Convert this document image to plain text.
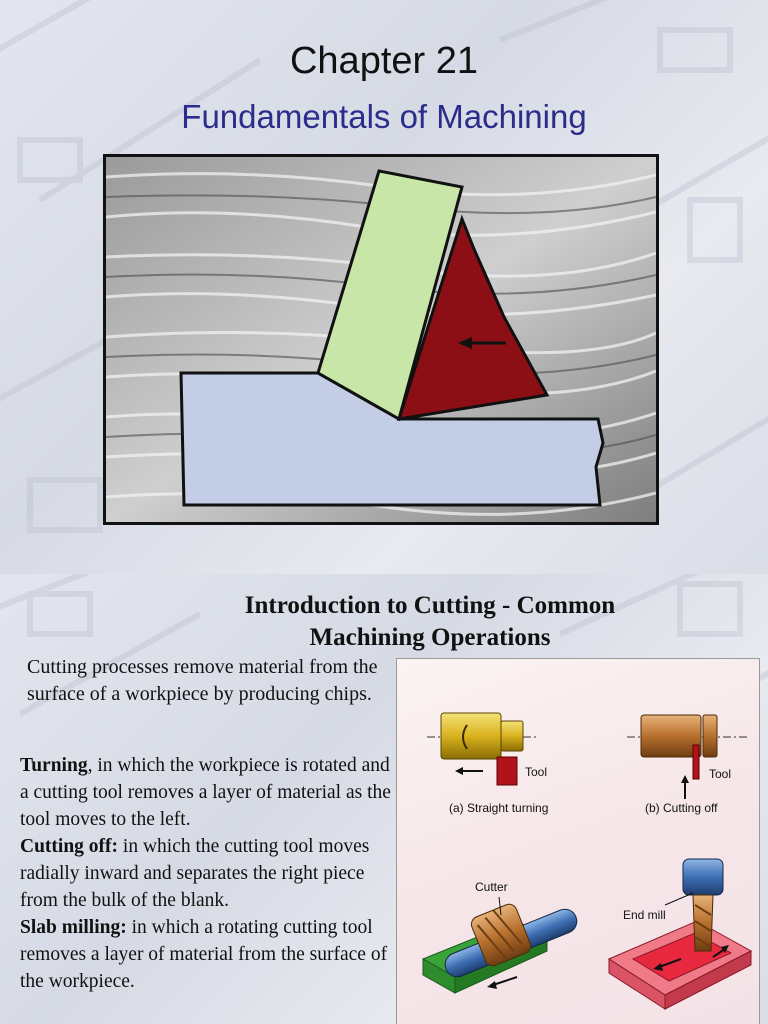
Chapter 21
Fundamentals of Machining
Introduction to Cutting - Common Machining Operations
Cutting processes remove material from the surface of a workpiece by producing chips.
Turning, in which the workpiece is rotated and a cutting tool removes a layer of material as the tool moves to the left.
Cutting off: in which the cutting tool moves radially inward and separates the right piece from the bulk of the blank.
Slab milling: in which a rotating cutting tool removes a layer of material from the surface of the workpiece.
Tool
(a) Straight turning
Tool
(b) Cutting off
Cutter
End mill
